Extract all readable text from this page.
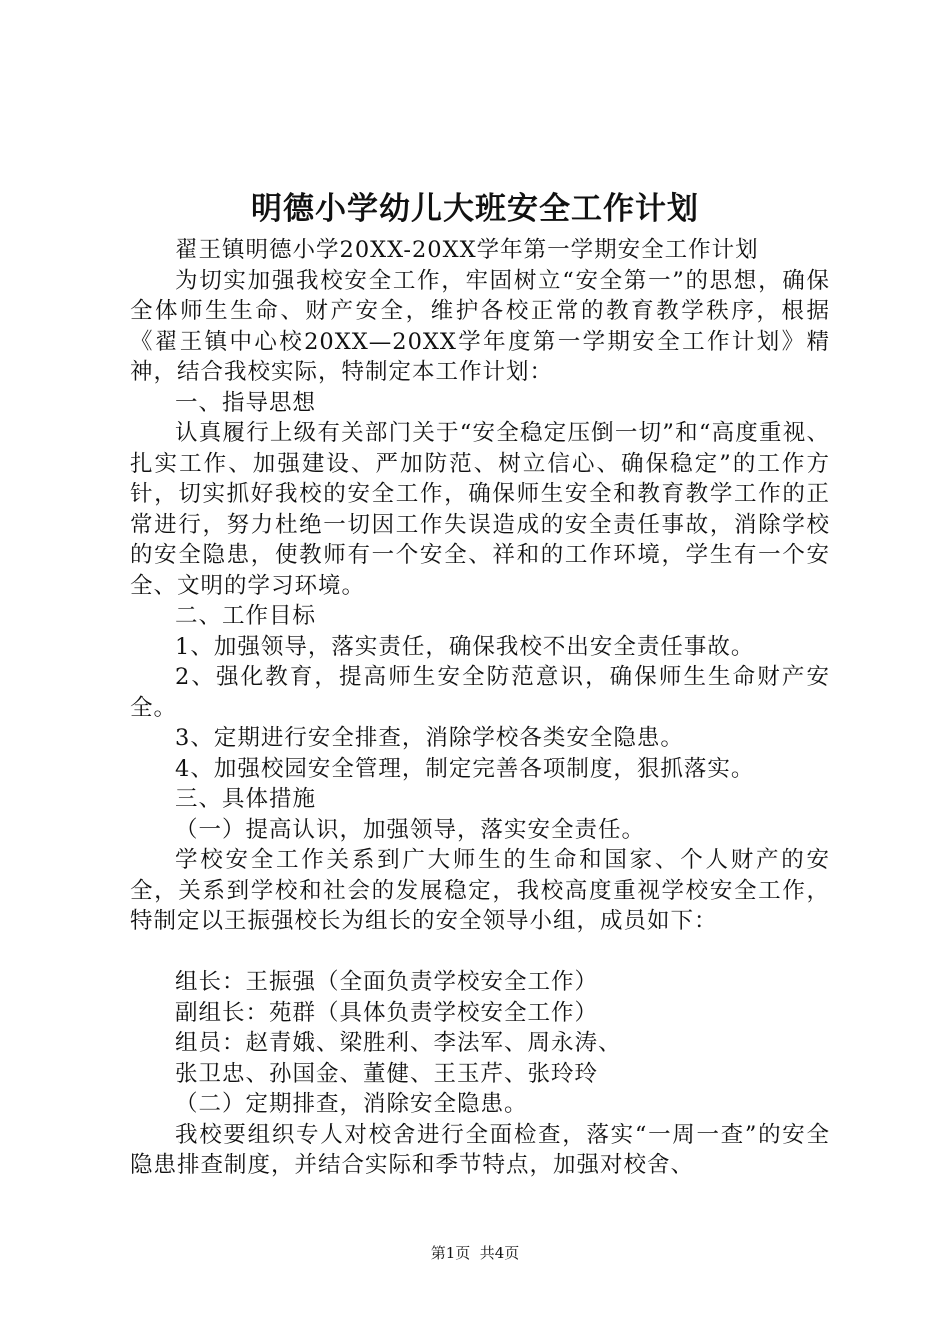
明德小学幼儿大班安全工作计划

翟王镇明德小学20XX-20XX学年第一学期安全工作计划

为切实加强我校安全工作，牢固树立“安全第一”的思想，确保全体师生生命、财产安全，维护各校正常的教育教学秩序，根据《翟王镇中心校20XX—20XX学年度第一学期安全工作计划》精神，结合我校实际，特制定本工作计划：

一、指导思想

认真履行上级有关部门关于“安全稳定压倒一切”和“高度重视、扎实工作、加强建设、严加防范、树立信心、确保稳定”的工作方针，切实抓好我校的安全工作，确保师生安全和教育教学工作的正常进行，努力杜绝一切因工作失误造成的安全责任事故，消除学校的安全隐患，使教师有一个安全、祥和的工作环境，学生有一个安全、文明的学习环境。

二、工作目标

1、加强领导，落实责任，确保我校不出安全责任事故。

2、强化教育，提高师生安全防范意识，确保师生生命财产安全。

3、定期进行安全排查，消除学校各类安全隐患。

4、加强校园安全管理，制定完善各项制度，狠抓落实。

三、具体措施

（一）提高认识，加强领导，落实安全责任。

学校安全工作关系到广大师生的生命和国家、个人财产的安全，关系到学校和社会的发展稳定，我校高度重视学校安全工作，特制定以王振强校长为组长的安全领导小组，成员如下：

组长：王振强（全面负责学校安全工作）

副组长：苑群（具体负责学校安全工作）

组员：赵青娥、梁胜利、李法军、周永涛、

张卫忠、孙国金、董健、王玉芹、张玲玲

（二）定期排查，消除安全隐患。

我校要组织专人对校舍进行全面检查，落实“一周一查”的安全隐患排查制度，并结合实际和季节特点，加强对校舍、

第1页  共4页
